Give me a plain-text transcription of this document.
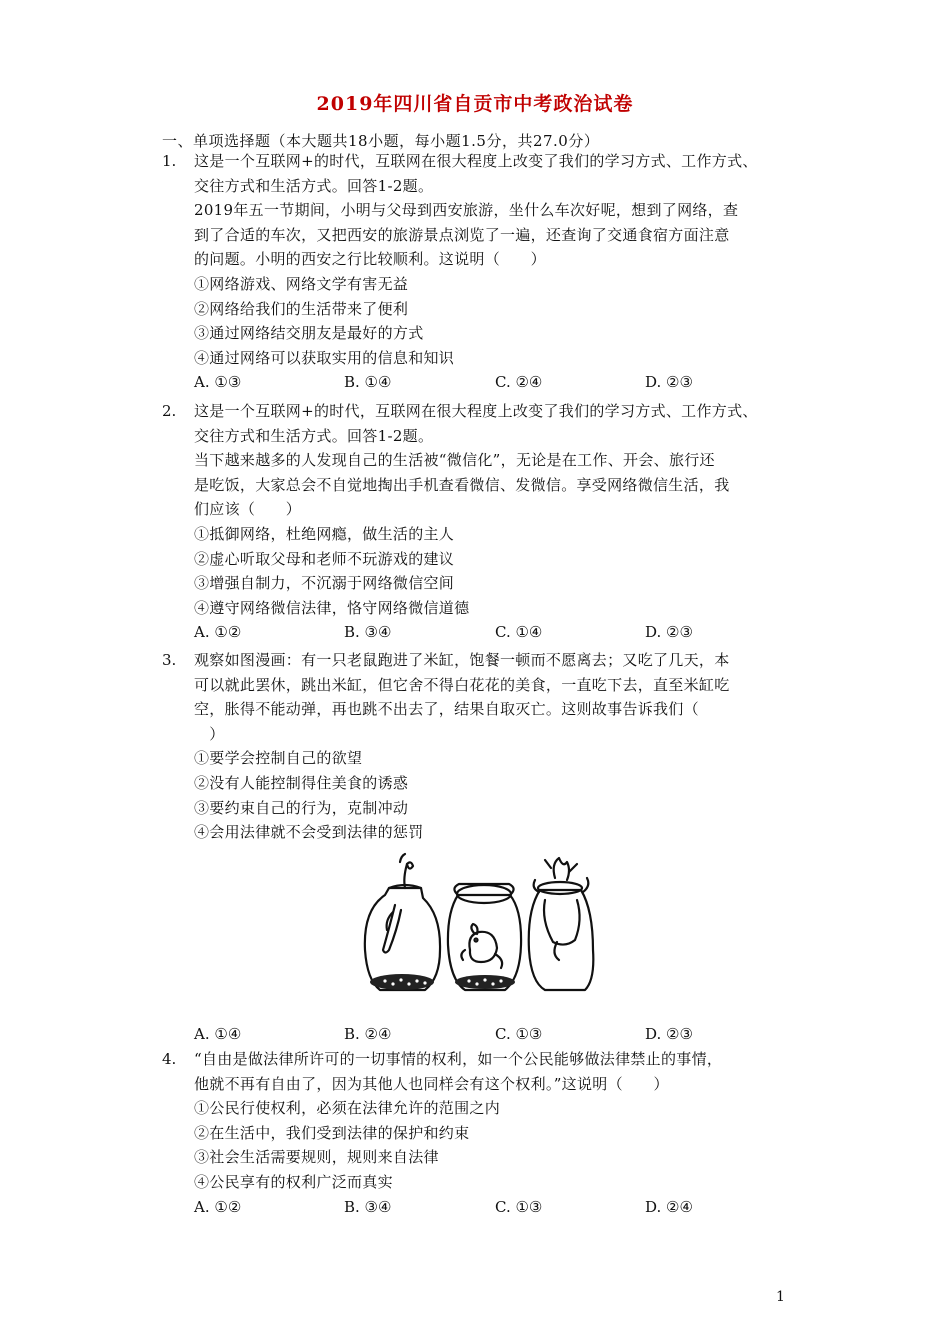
2019年四川省自贡市中考政治试卷
一、单项选择题（本大题共18小题，每小题1.5分，共27.0分）
1. 这是一个互联网+的时代，互联网在很大程度上改变了我们的学习方式、工作方式、
交往方式和生活方式。回答1-2题。
2019年五一节期间，小明与父母到西安旅游，坐什么车次好呢，想到了网络，查
到了合适的车次，又把西安的旅游景点浏览了一遍，还查询了交通食宿方面注意
的问题。小明的西安之行比较顺利。这说明（　　）
①网络游戏、网络文学有害无益
②网络给我们的生活带来了便利
③通过网络结交朋友是最好的方式
④通过网络可以获取实用的信息和知识
A. ①③	B. ①④	C. ②④	D. ②③
2. 这是一个互联网+的时代，互联网在很大程度上改变了我们的学习方式、工作方式、
交往方式和生活方式。回答1-2题。
当下越来越多的人发现自己的生活被“微信化”，无论是在工作、开会、旅行还
是吃饭，大家总会不自觉地掏出手机查看微信、发微信。享受网络微信生活，我
们应该（　　）
①抵御网络，杜绝网瘾，做生活的主人
②虚心听取父母和老师不玩游戏的建议
③增强自制力，不沉溺于网络微信空间
④遵守网络微信法律，恪守网络微信道德
A. ①②	B. ③④	C. ①④	D. ②③
3. 观察如图漫画：有一只老鼠跑进了米缸，饱餐一顿而不愿离去；又吃了几天，本
可以就此罢休，跳出米缸，但它舍不得白花花的美食，一直吃下去，直至米缸吃
空，胀得不能动弹，再也跳不出去了，结果自取灭亡。这则故事告诉我们（
　）
①要学会控制自己的欲望
②没有人能控制得住美食的诱惑
③要约束自己的行为，克制冲动
④会用法律就不会受到法律的惩罚
A. ①④	B. ②④	C. ①③	D. ②③
4. “自由是做法律所许可的一切事情的权利，如一个公民能够做法律禁止的事情，
他就不再有自由了，因为其他人也同样会有这个权利。”这说明（　　）
①公民行使权利，必须在法律允许的范围之内
②在生活中，我们受到法律的保护和约束
③社会生活需要规则，规则来自法律
④公民享有的权利广泛而真实
A. ①②	B. ③④	C. ①③	D. ②④
1
